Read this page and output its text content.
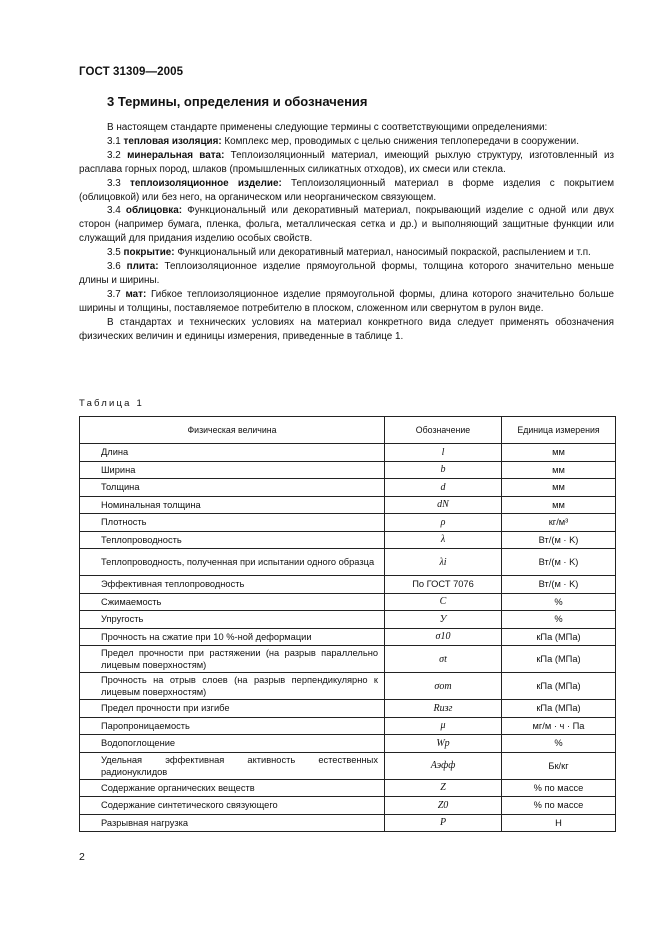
ГОСТ 31309—2005
3 Термины, определения и обозначения

В настоящем стандарте применены следующие термины с соответствующими определениями:

3.1 тепловая изоляция: Комплекс мер, проводимых с целью снижения теплопередачи в сооружении.

3.2 минеральная вата: Теплоизоляционный материал, имеющий рыхлую структуру, изготовленный из расплава горных пород, шлаков (промышленных силикатных отходов), их смеси или стекла.

3.3 теплоизоляционное изделие: Теплоизоляционный материал в форме изделия с покрытием (облицовкой) или без него, на органическом или неорганическом связующем.

3.4 облицовка: Функциональный или декоративный материал, покрывающий изделие с одной или двух сторон (например бумага, пленка, фольга, металлическая сетка и др.) и выполняющий защитные функции или служащий для придания изделию особых свойств.

3.5 покрытие: Функциональный или декоративный материал, наносимый покраской, распылением и т.п.

3.6 плита: Теплоизоляционное изделие прямоугольной формы, толщина которого значительно меньше длины и ширины.

3.7 мат: Гибкое теплоизоляционное изделие прямоугольной формы, длина которого значительно больше ширины и толщины, поставляемое потребителю в плоском, сложенном или свернутом в рулон виде.

В стандартах и технических условиях на материал конкретного вида следует применять обозначения физических величин и единицы измерения, приведенные в таблице 1.

Таблица 1
Физическая величина	Обозначение	Единица измерения
Длина	l	мм
Ширина	b	мм
Толщина	d	мм
Номинальная толщина	dN	мм
Плотность	ρ	кг/м³
Теплопроводность	λ	Вт/(м · K)
Теплопроводность, полученная при испытании одного образца	λi	Вт/(м · K)
Эффективная теплопроводность	По ГОСТ 7076	Вт/(м · K)
Сжимаемость	С	%
Упругость	У	%
Прочность на сжатие при 10 %-ной деформации	σ10	кПа (МПа)
Предел прочности при растяжении (на разрыв параллельно лицевым поверхностям)	σt	кПа (МПа)
Прочность на отрыв слоев (на разрыв перпендикулярно к лицевым поверхностям)	σот	кПа (МПа)
Предел прочности при изгибе	Rизг	кПа (МПа)
Паропроницаемость	μ	мг/м · ч · Па
Водопоглощение	Wp	%
Удельная эффективная активность естественных радионуклидов	Aэфф	Бк/кг
Содержание органических веществ	Z	% по массе
Содержание синтетического связующего	Z0	% по массе
Разрывная нагрузка	P	Н
2
